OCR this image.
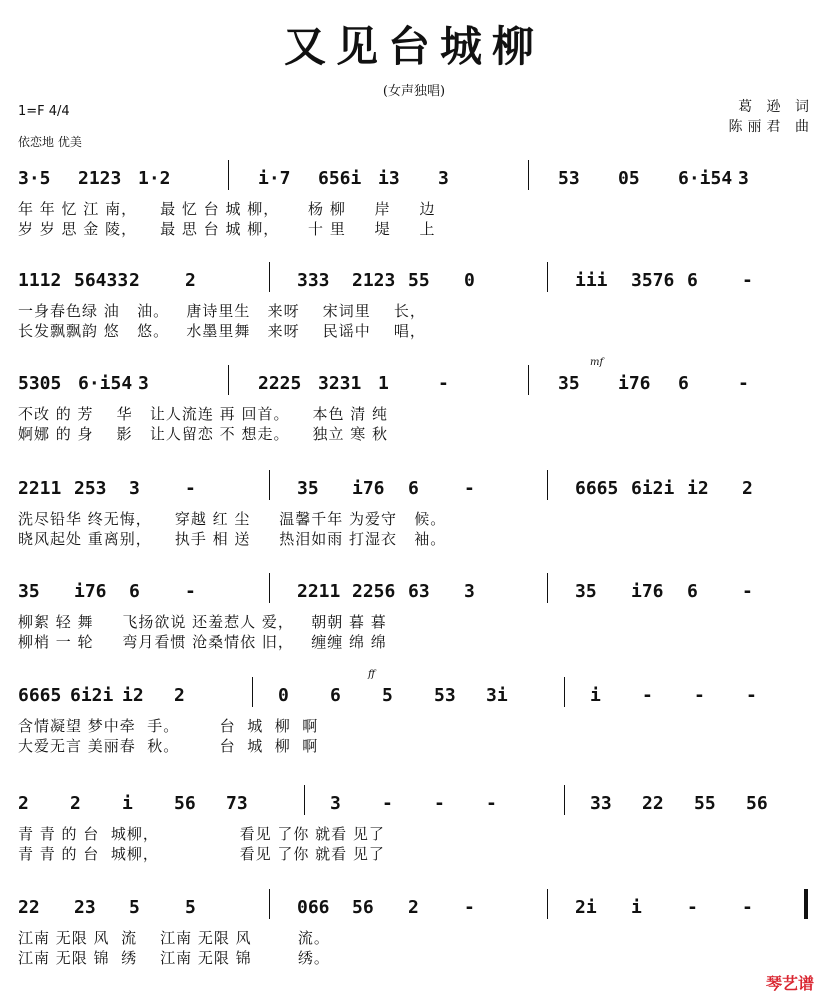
又见台城柳
(女声独唱)
1=F 4/4
依恋地 优美
葛 逊 词
陈丽君 曲
3·5 2123 1·2	i·7 656i i3 3	53 05 6·i54 3
年 年 忆 江 南，    最 忆 台 城 柳，     杨 柳     岸     边
岁 岁 思 金 陵，    最 思 台 城 柳，     十 里     堤     上
1112 56433 2	2	333 2123 55 0	iii 3576 6 -
一身春色绿 油   油。   唐诗里生   来呀    宋词里    长，
长发飘飘韵 悠   悠。   水墨里舞   来呀    民谣中    唱，
5305 6·i54 3	2225 3231 1	-	35 i76 6	-
不改 的 芳    华   让人流连 再 回首。    本色 清 纯
婀娜 的 身    影   让人留恋 不 想走。    独立 寒 秋
2211 253 3	-	35 i76 6	-	6665 6i2i i2 2
洗尽铅华 终无悔，    穿越 红 尘     温馨千年 为爱守   候。
晓风起处 重离别，    执手 相 送     热泪如雨 打湿衣   袖。
35 i76 6	-	2211 2256 63 3	35 i76 6 -
柳絮 轻 舞     飞扬欲说 还羞惹人 爱，   朝朝 暮 暮
柳梢 一 轮     弯月看惯 沧桑情依 旧，   缠缠 绵 绵
6665 6i2i i2 2	0 6 5 53 3i	i - - -
含情凝望 梦中牵  手。       台  城  柳  啊
大爱无言 美丽春  秋。       台  城  柳  啊
2 2 i 56 73	3 - - -	33 22 55 56
青 青 的 台  城柳，              看见 了你 就看 见了
青 青 的 台  城柳，              看见 了你 就看 见了
22 23 5	5	066 56 2	-	2i i	- -
江南 无限 风  流    江南 无限 风        流。
江南 无限 锦  绣    江南 无限 锦        绣。
琴艺谱
mf
ff
